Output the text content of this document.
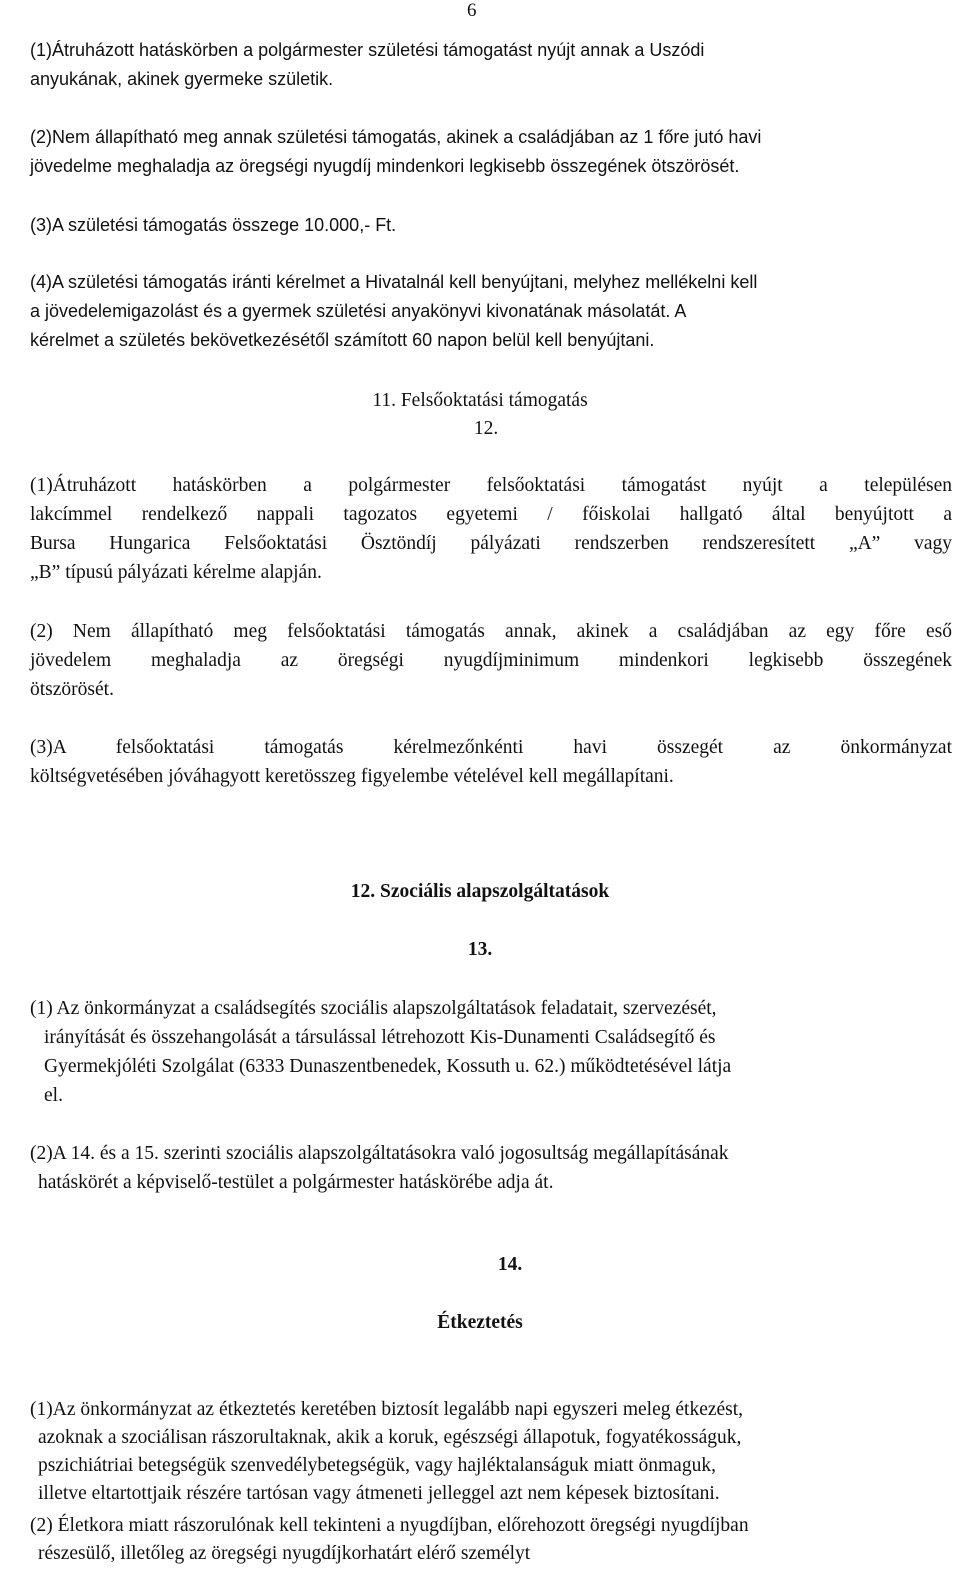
6
(1)Átruházott hatáskörben a polgármester születési támogatást nyújt annak a Uszódi
anyukának, akinek gyermeke születik.
(2)Nem állapítható meg annak születési támogatás, akinek a családjában az 1 főre jutó havi
jövedelme meghaladja az öregségi nyugdíj mindenkori legkisebb összegének ötszörösét.
(3)A születési támogatás összege 10.000,- Ft.
(4)A születési támogatás iránti kérelmet a Hivatalnál kell benyújtani, melyhez mellékelni kell
a jövedelemigazolást és a gyermek születési anyakönyvi kivonatának másolatát. A
kérelmet a születés bekövetkezésétől számított 60 napon belül kell benyújtani.
11. Felsőoktatási támogatás
12.
(1)Átruházott hatáskörben a polgármester felsőoktatási támogatást nyújt a településen
lakcímmel rendelkező nappali tagozatos egyetemi / főiskolai hallgató által benyújtott a
Bursa Hungarica Felsőoktatási Ösztöndíj pályázati rendszerben rendszeresített „A” vagy
„B” típusú pályázati kérelme alapján.
(2) Nem állapítható meg felsőoktatási támogatás annak, akinek a családjában az egy főre eső
jövedelem meghaladja az öregségi nyugdíjminimum mindenkori legkisebb összegének
ötszörösét.
(3)A felsőoktatási támogatás kérelmezőnkénti havi összegét az önkormányzat
költségvetésében jóváhagyott keretösszeg figyelembe vételével kell megállapítani.
12. Szociális alapszolgáltatások
13.
(1) Az önkormányzat a családsegítés szociális alapszolgáltatások feladatait, szervezését,
irányítását és összehangolását a társulással létrehozott Kis-Dunamenti Családsegítő és
Gyermekjóléti Szolgálat (6333 Dunaszentbenedek, Kossuth u. 62.) működtetésével látja
el.
(2)A 14. és a 15. szerinti szociális alapszolgáltatásokra való jogosultság megállapításának
hatáskörét a képviselő-testület a polgármester hatáskörébe adja át.
14.
Étkeztetés
(1)Az önkormányzat az étkeztetés keretében biztosít legalább napi egyszeri meleg étkezést,
azoknak a szociálisan rászorultaknak, akik a koruk, egészségi állapotuk, fogyatékosságuk,
pszichiátriai betegségük szenvedélybetegségük, vagy hajléktalanságuk miatt önmaguk,
illetve eltartottjaik részére tartósan vagy átmeneti jelleggel azt nem képesek biztosítani.
(2) Életkora miatt rászorulónak kell tekinteni a nyugdíjban, előrehozott öregségi nyugdíjban
részesülő, illetőleg az öregségi nyugdíjkorhatárt elérő személyt
